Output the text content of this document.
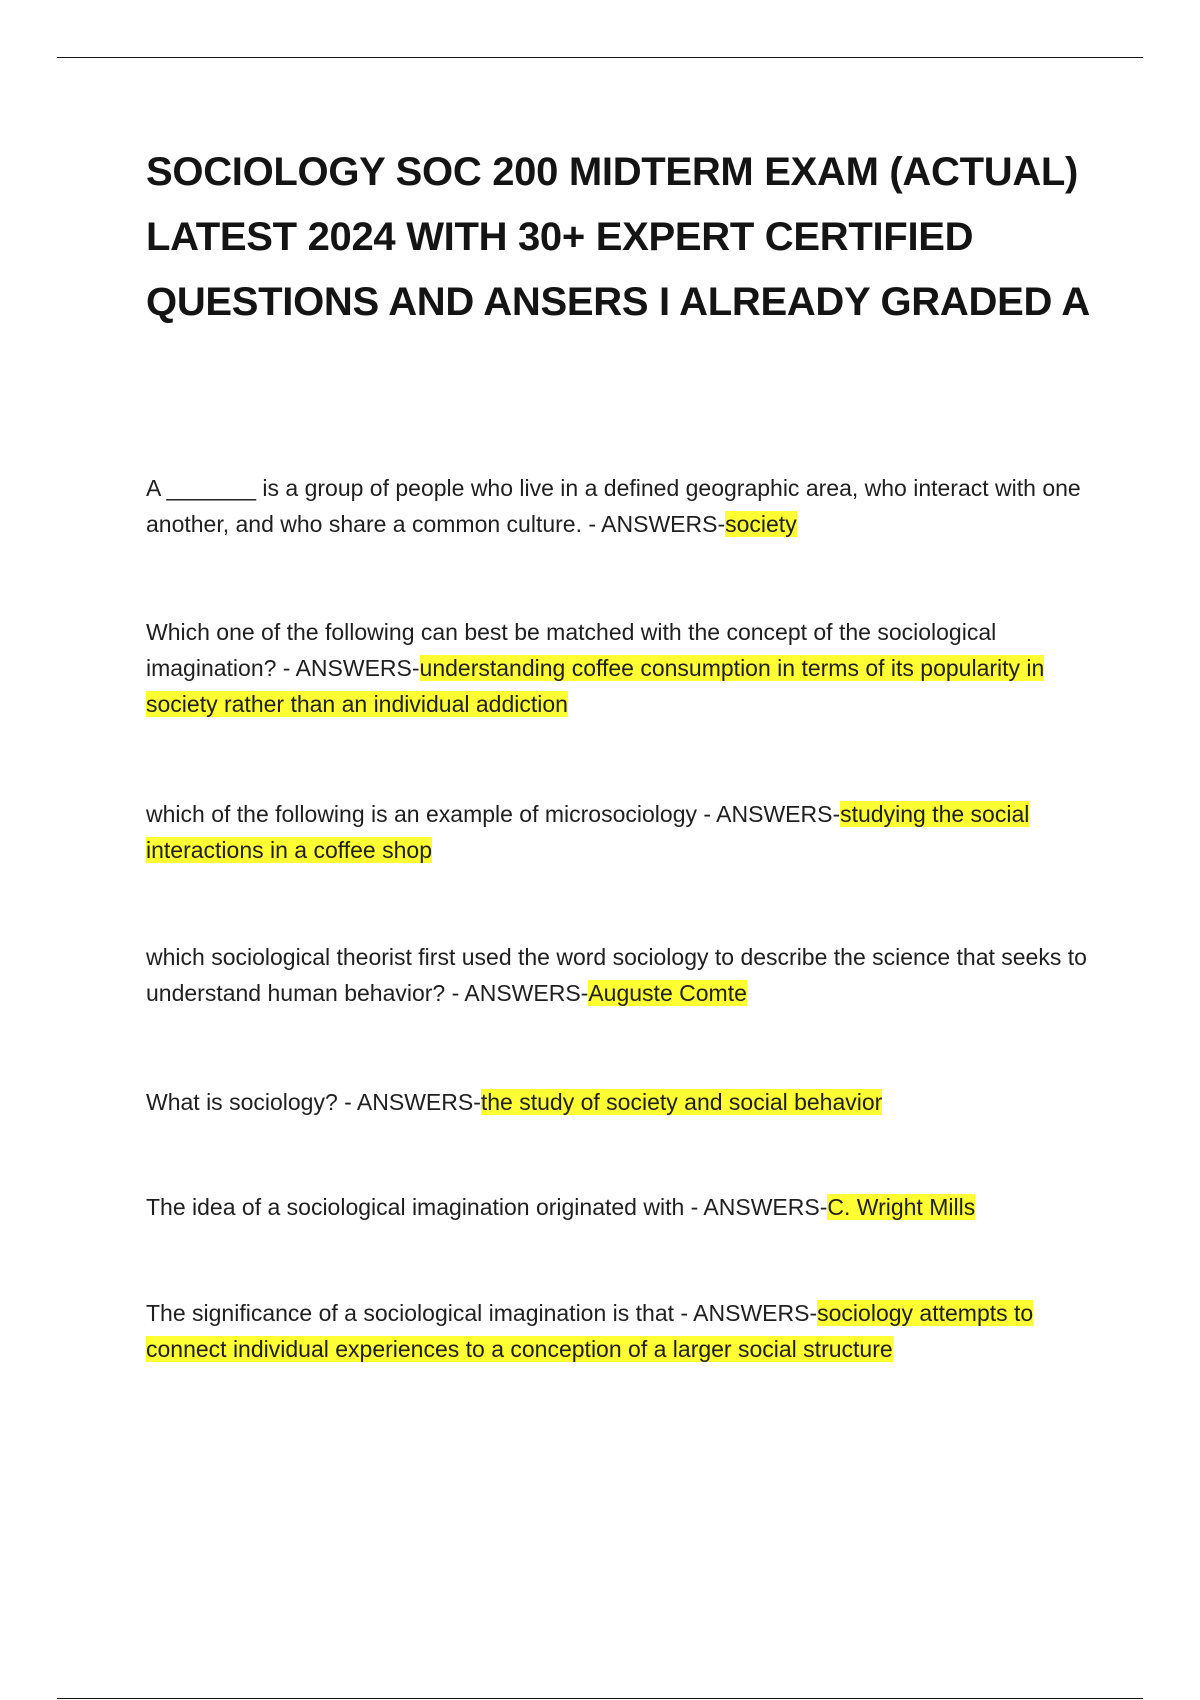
SOCIOLOGY SOC 200 MIDTERM EXAM (ACTUAL) LATEST 2024 WITH 30+ EXPERT CERTIFIED QUESTIONS AND ANSERS I ALREADY GRADED A

A _______ is a group of people who live in a defined geographic area, who interact with one another, and who share a common culture. - ANSWERS-society

Which one of the following can best be matched with the concept of the sociological imagination? - ANSWERS-understanding coffee consumption in terms of its popularity in society rather than an individual addiction

which of the following is an example of microsociology - ANSWERS-studying the social interactions in a coffee shop

which sociological theorist first used the word sociology to describe the science that seeks to understand human behavior? - ANSWERS-Auguste Comte

What is sociology? - ANSWERS-the study of society and social behavior

The idea of a sociological imagination originated with - ANSWERS-C. Wright Mills

The significance of a sociological imagination is that - ANSWERS-sociology attempts to connect individual experiences to a conception of a larger social structure
